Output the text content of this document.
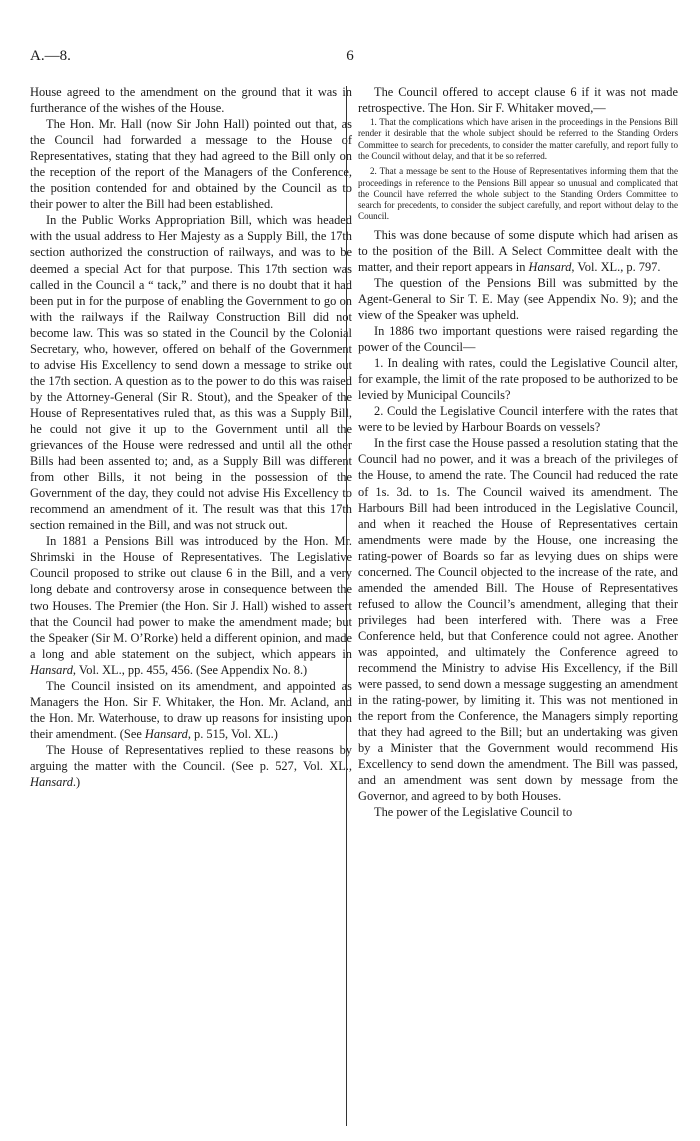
A.—8.	6

House agreed to the amendment on the ground that it was in furtherance of the wishes of the House.

The Hon. Mr. Hall (now Sir John Hall) pointed out that, as the Council had forwarded a message to the House of Representatives, stating that they had agreed to the Bill only on the reception of the report of the Managers of the Conference, the position contended for and obtained by the Council as to their power to alter the Bill had been established.

In the Public Works Appropriation Bill, which was headed with the usual address to Her Majesty as a Supply Bill, the 17th section authorized the construction of railways, and was to be deemed a special Act for that purpose. This 17th section was called in the Council a “ tack,” and there is no doubt that it had been put in for the purpose of enabling the Government to go on with the railways if the Railway Construction Bill did not become law. This was so stated in the Council by the Colonial Secretary, who, however, offered on behalf of the Government to advise His Excellency to send down a message to strike out the 17th section. A question as to the power to do this was raised by the Attorney-General (Sir R. Stout), and the Speaker of the House of Representatives ruled that, as this was a Supply Bill, he could not give it up to the Government until all the grievances of the House were redressed and until all the other Bills had been assented to; and, as a Supply Bill was different from other Bills, it not being in the possession of the Government of the day, they could not advise His Excellency to recommend an amendment of it. The result was that this 17th section remained in the Bill, and was not struck out.

In 1881 a Pensions Bill was introduced by the Hon. Mr. Shrimski in the House of Representatives. The Legislative Council proposed to strike out clause 6 in the Bill, and a very long debate and controversy arose in consequence between the two Houses. The Premier (the Hon. Sir J. Hall) wished to assert that the Council had power to make the amendment made; but the Speaker (Sir M. O’Rorke) held a different opinion, and made a long and able statement on the subject, which appears in Hansard, Vol. XL., pp. 455, 456. (See Appendix No. 8.)

The Council insisted on its amendment, and appointed as Managers the Hon. Sir F. Whitaker, the Hon. Mr. Acland, and the Hon. Mr. Waterhouse, to draw up reasons for insisting upon their amendment. (See Hansard, p. 515, Vol. XL.)

The House of Representatives replied to these reasons by arguing the matter with the Council. (See p. 527, Vol. XL., Hansard.)

The Council offered to accept clause 6 if it was not made retrospective. The Hon. Sir F. Whitaker moved,—

1. That the complications which have arisen in the proceedings in the Pensions Bill render it desirable that the whole subject should be referred to the Standing Orders Committee to search for precedents, to consider the matter carefully, and report fully to the Council without delay, and that it be so referred.

2. That a message be sent to the House of Representatives informing them that the proceedings in reference to the Pensions Bill appear so unusual and complicated that the Council have referred the whole subject to the Standing Orders Committee to search for precedents, to consider the subject carefully, and report without delay to the Council.

This was done because of some dispute which had arisen as to the position of the Bill. A Select Committee dealt with the matter, and their report appears in Hansard, Vol. XL., p. 797.

The question of the Pensions Bill was submitted by the Agent-General to Sir T. E. May (see Appendix No. 9); and the view of the Speaker was upheld.

In 1886 two important questions were raised regarding the power of the Council—

1. In dealing with rates, could the Legislative Council alter, for example, the limit of the rate proposed to be authorized to be levied by Municipal Councils?

2. Could the Legislative Council interfere with the rates that were to be levied by Harbour Boards on vessels?

In the first case the House passed a resolution stating that the Council had no power, and it was a breach of the privileges of the House, to amend the rate. The Council had reduced the rate of 1s. 3d. to 1s. The Council waived its amendment. The Harbours Bill had been introduced in the Legislative Council, and when it reached the House of Representatives certain amendments were made by the House, one increasing the rating-power of Boards so far as levying dues on ships were concerned. The Council objected to the increase of the rate, and amended the amended Bill. The House of Representatives refused to allow the Council’s amendment, alleging that their privileges had been interfered with. There was a Free Conference held, but that Conference could not agree. Another was appointed, and ultimately the Conference agreed to recommend the Ministry to advise His Excellency, if the Bill were passed, to send down a message suggesting an amendment in the rating-power, by limiting it. This was not mentioned in the report from the Conference, the Managers simply reporting that they had agreed to the Bill; but an undertaking was given by a Minister that the Government would recommend His Excellency to send down the amendment. The Bill was passed, and an amendment was sent down by message from the Governor, and agreed to by both Houses.

The power of the Legislative Council to
